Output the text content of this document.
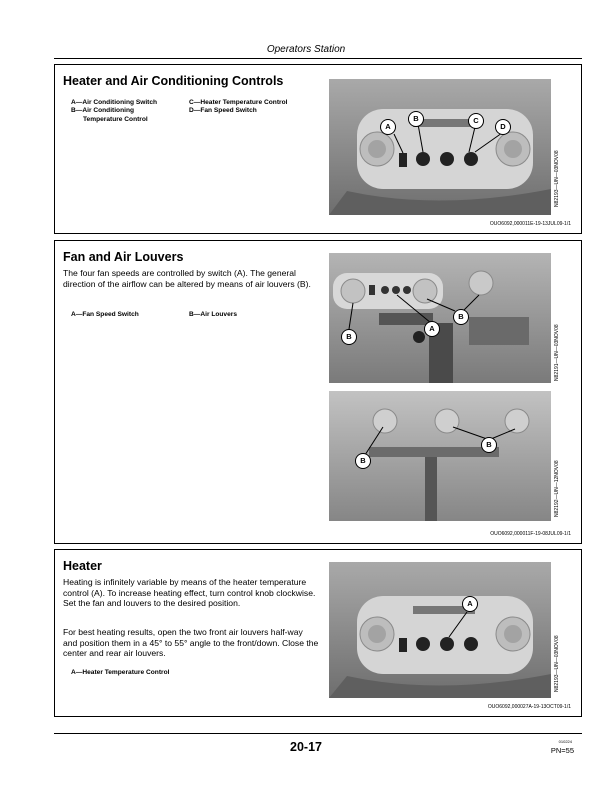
Operators Station
Heater and Air Conditioning Controls
A—Air Conditioning Switch
B—Air Conditioning
Temperature Control
C—Heater Temperature Control
D—Fan Speed Switch
A
B	C
D
N82193—UN—03NOV08
OUO6092,000011E-19-13JUL09-1/1
Fan and Air Louvers
The four fan speeds are controlled by switch (A). The general direction of the airflow can be altered by means of air louvers (B).
A—Fan Speed Switch	B—Air Louvers
B
A
B
N82191—UN—03NOV08
B
B
N82192—UN—12NOV08
OUO6092,000011F-19-08JUL09-1/1
Heater
Heating is infinitely variable by means of the heater temperature control (A). To increase heating effect, turn control knob clockwise. Set the fan and louvers to the desired position.
For best heating results, open the two front air louvers half-way and position them in a 45° to 55° angle to the front/down. Close the center and rear air louvers.
A—Heater Temperature Control
A
N82193—UN—03NOV08
OUO6092,000027A-19-13OCT09-1/1
20-17	010224
PN=55
